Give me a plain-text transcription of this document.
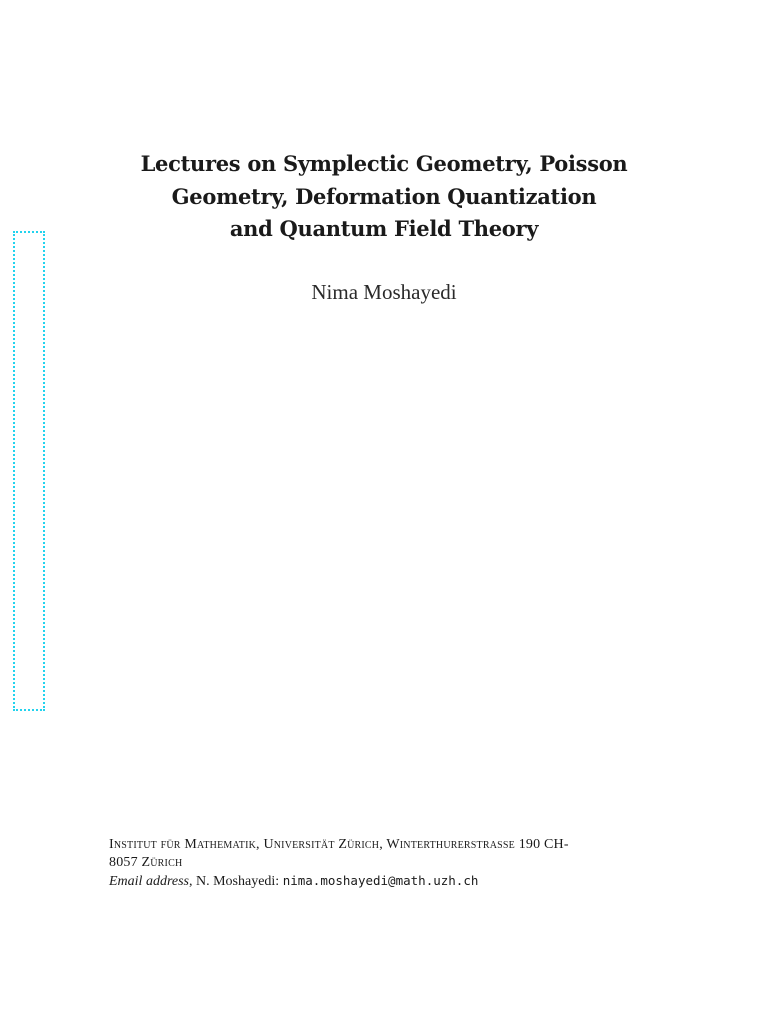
Lectures on Symplectic Geometry, Poisson
Geometry, Deformation Quantization
and Quantum Field Theory
Nima Moshayedi
Institut für Mathematik, Universität Zürich, Winterthurerstrasse 190 CH-
8057 Zürich
Email address, N. Moshayedi: nima.moshayedi@math.uzh.ch
